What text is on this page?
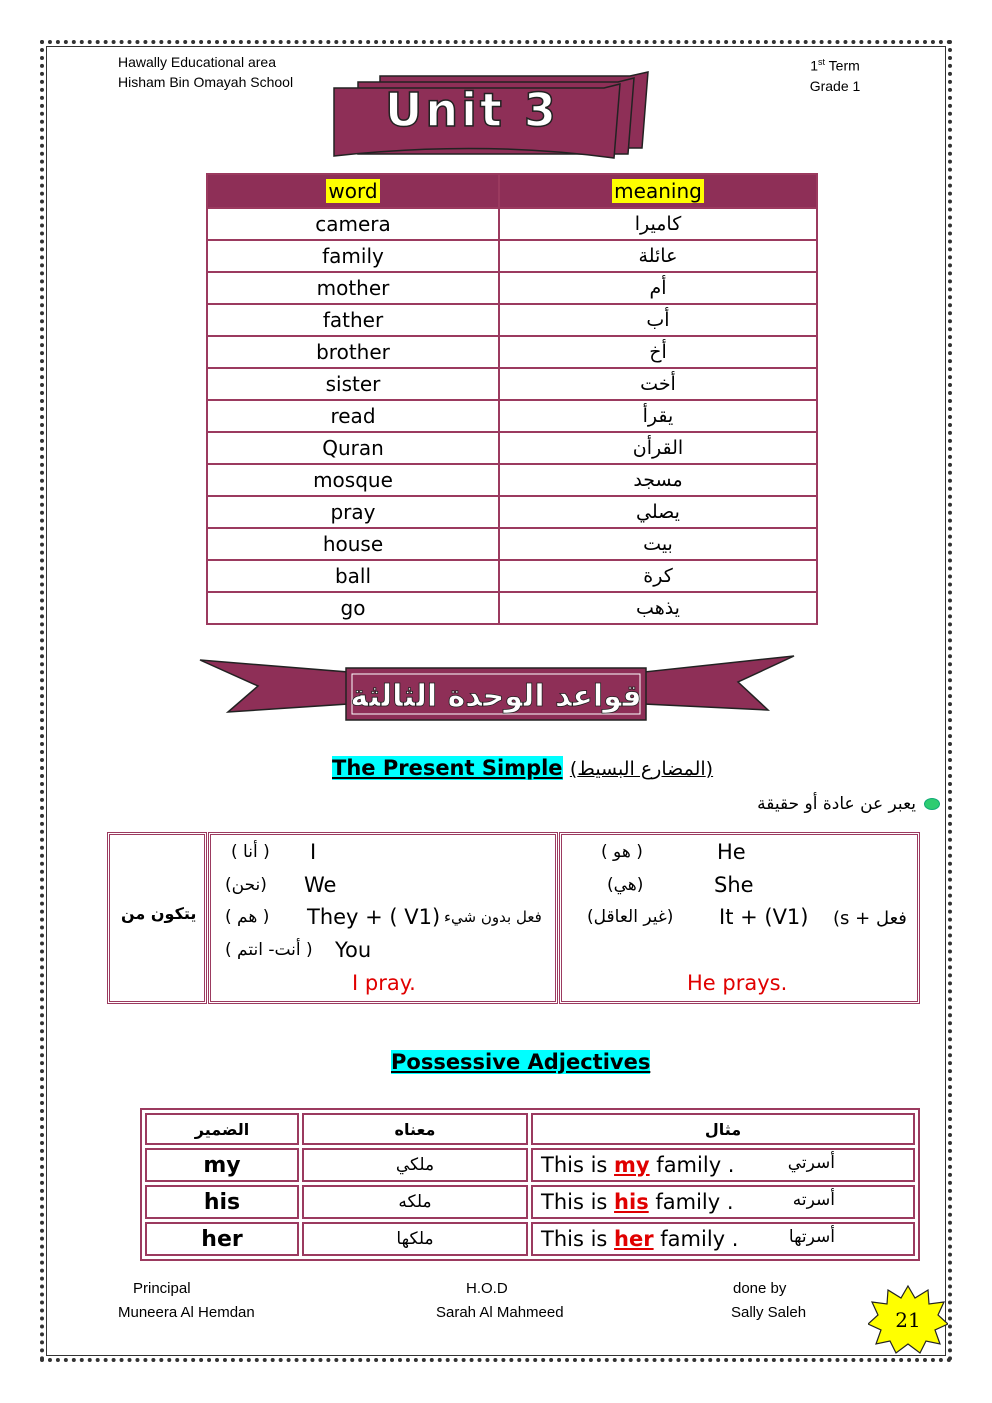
Hawally Educational area
Hisham Bin Omayah School
1st Term
Grade 1
Unit 3
word	meaning
camera	كاميرا
family	عائلة
mother	أم
father	أب
brother	أخ
sister	أخت
read	يقرأ
Quran	القرأن
mosque	مسجد
pray	يصلي
house	بيت
ball	كرة
go	يذهب
قواعد الوحدة الثالثة
The Present Simple (المضارع البسيط)
يعبر عن عادة أو حقيقة
يتكون من
( أنا ) I
(نحن) We
( هم ) They + ( V1) فعل بدون شيء
( أنت- انتم ) You
I pray.
( هو )	He
(هي)	She
(غير العاقل) It + (V1) فعل + s)
He prays.
Possessive Adjectives
الضمير	معناه	مثال
my	ملكي	This is my family . أسرتي

his	ملكه	This is his family . أسرته

her	ملكها	This is her family . أسرتها
Principal
Muneera Al Hemdan
H.O.D
Sarah Al Mahmeed
done by
Sally Saleh	21
